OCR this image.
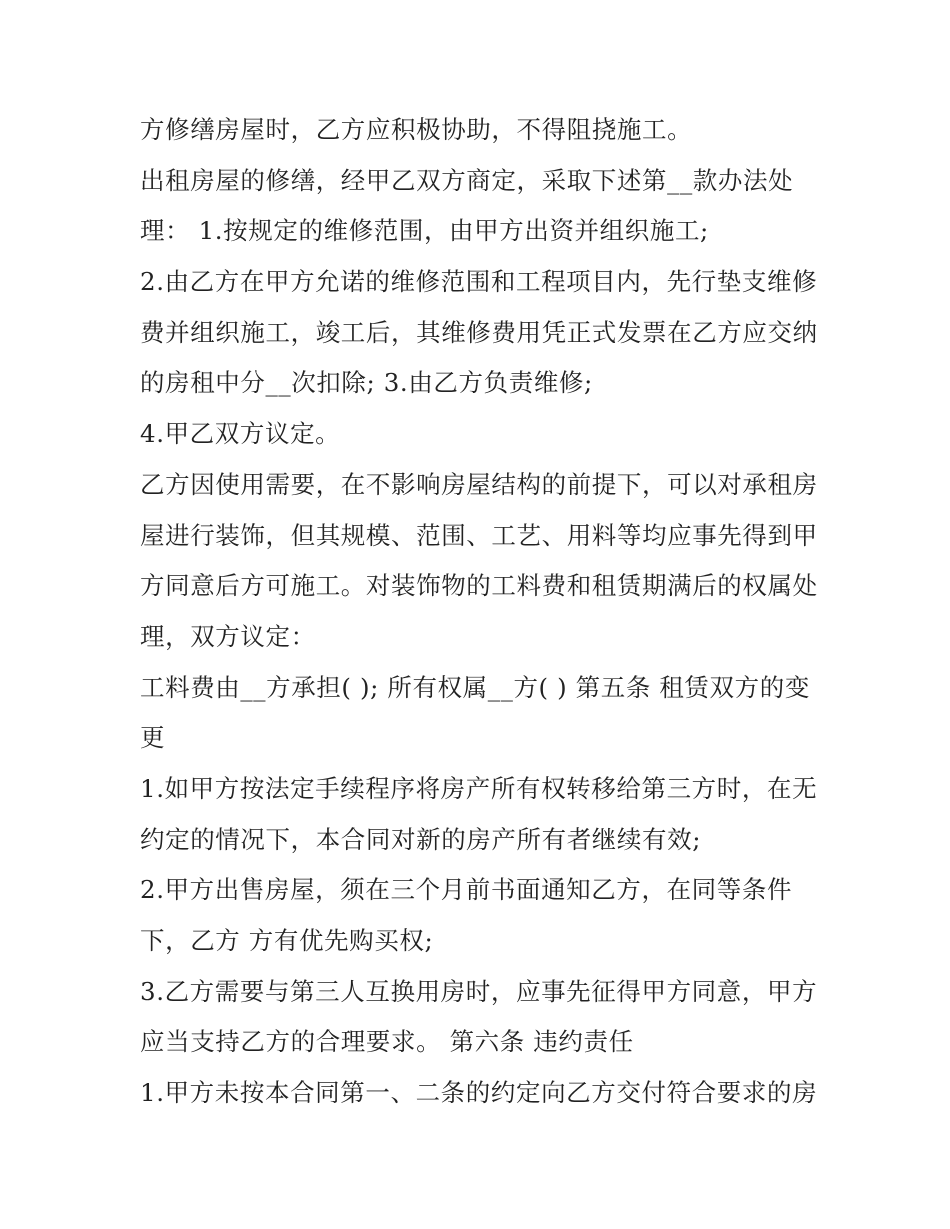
方修缮房屋时，乙方应积极协助，不得阻挠施工。
出租房屋的修缮，经甲乙双方商定，采取下述第__款办法处
理： 1.按规定的维修范围，由甲方出资并组织施工;
2.由乙方在甲方允诺的维修范围和工程项目内，先行垫支维修
费并组织施工，竣工后，其维修费用凭正式发票在乙方应交纳
的房租中分__次扣除; 3.由乙方负责维修;
4.甲乙双方议定。
乙方因使用需要，在不影响房屋结构的前提下，可以对承租房
屋进行装饰，但其规模、范围、工艺、用料等均应事先得到甲
方同意后方可施工。对装饰物的工料费和租赁期满后的权属处
理，双方议定：
工料费由__方承担( ); 所有权属__方( ) 第五条 租赁双方的变
更
1.如甲方按法定手续程序将房产所有权转移给第三方时，在无
约定的情况下，本合同对新的房产所有者继续有效;
2.甲方出售房屋，须在三个月前书面通知乙方，在同等条件
下，乙方 方有优先购买权;
3.乙方需要与第三人互换用房时，应事先征得甲方同意，甲方
应当支持乙方的合理要求。 第六条 违约责任
1.甲方未按本合同第一、二条的约定向乙方交付符合要求的房
